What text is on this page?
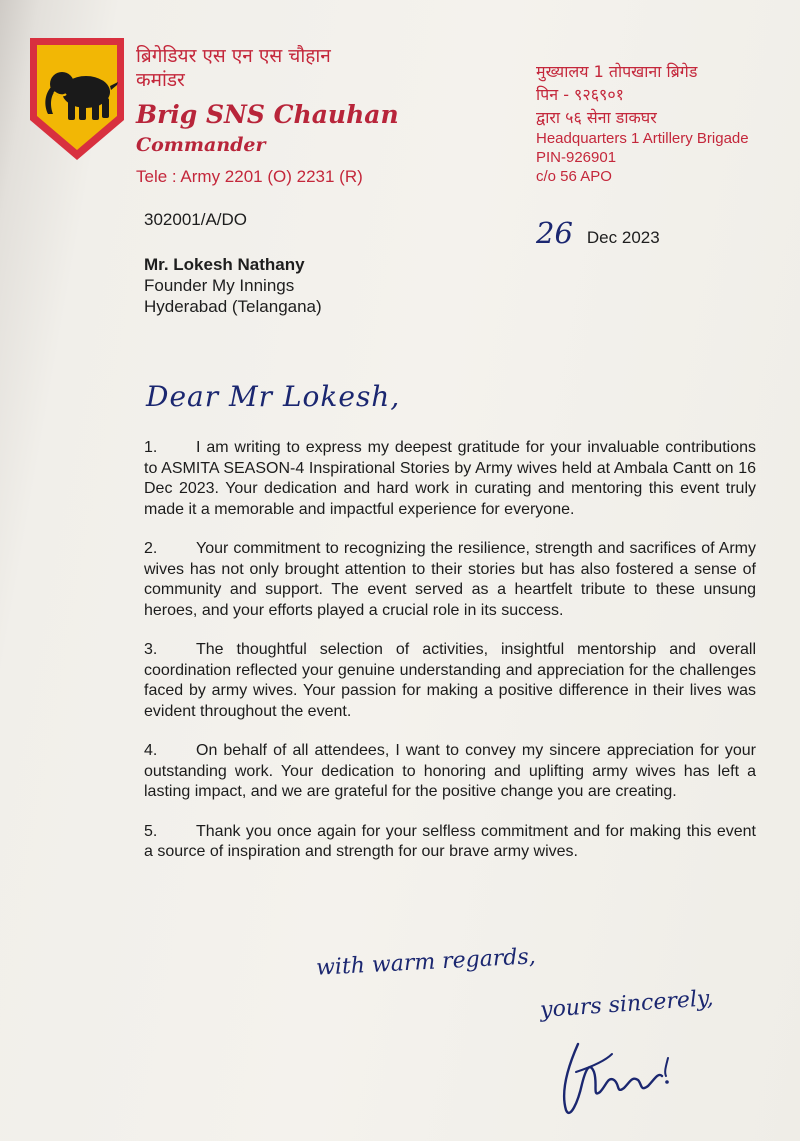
ब्रिगेडियर एस एन एस चौहान
कमांडर
Brig SNS Chauhan
Commander
Tele : Army 2201 (O) 2231 (R)
मुख्यालय 1 तोपखाना ब्रिगेड
पिन - ९२६९०१
द्वारा ५६ सेना डाकघर
Headquarters 1 Artillery Brigade
PIN-926901
c/o 56 APO
302001/A/DO	26 Dec 2023
Mr. Lokesh Nathany
Founder My Innings
Hyderabad (Telangana)
Dear Mr Lokesh,

1. I am writing to express my deepest gratitude for your invaluable contributions to ASMITA SEASON-4 Inspirational Stories by Army wives held at Ambala Cantt on 16 Dec 2023. Your dedication and hard work in curating and mentoring this event truly made it a memorable and impactful experience for everyone.

2. Your commitment to recognizing the resilience, strength and sacrifices of Army wives has not only brought attention to their stories but has also fostered a sense of community and support. The event served as a heartfelt tribute to these unsung heroes, and your efforts played a crucial role in its success.

3. The thoughtful selection of activities, insightful mentorship and overall coordination reflected your genuine understanding and appreciation for the challenges faced by army wives. Your passion for making a positive difference in their lives was evident throughout the event.

4. On behalf of all attendees, I want to convey my sincere appreciation for your outstanding work. Your dedication to honoring and uplifting army wives has left a lasting impact, and we are grateful for the positive change you are creating.

5. Thank you once again for your selfless commitment and for making this event a source of inspiration and strength for our brave army wives.

with warm regards,
yours sincerely,
